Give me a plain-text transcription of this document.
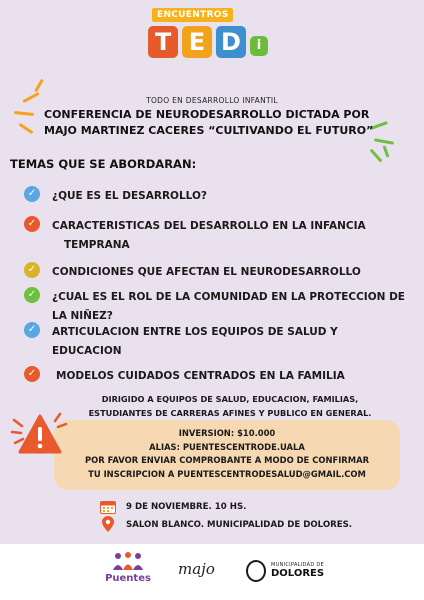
ENCUENTROS
T E D	i
TODO EN DESARROLLO INFANTIL
CONFERENCIA DE NEURODESARROLLO DICTADA POR
MAJO MARTINEZ CACERES “CULTIVANDO EL FUTURO”
TEMAS QUE SE ABORDARAN:
✓	¿QUE ES EL DESARROLLO?
✓	CARACTERISTICAS DEL DESARROLLO EN LA INFANCIA
TEMPRANA
✓	CONDICIONES QUE AFECTAN EL NEURODESARROLLO
✓	¿CUAL ES EL ROL DE LA COMUNIDAD EN LA PROTECCION DE
LA NIÑEZ?
✓	ARTICULACION ENTRE LOS EQUIPOS DE SALUD Y
EDUCACION
✓	MODELOS CUIDADOS CENTRADOS EN LA FAMILIA
DIRIGIDO A EQUIPOS DE SALUD, EDUCACION, FAMILIAS,
ESTUDIANTES DE CARRERAS AFINES Y PUBLICO EN GENERAL.
INVERSION: $10.000
ALIAS: PUENTESCENTRODE.UALA
POR FAVOR ENVIAR COMPROBANTE A MODO DE CONFIRMAR
TU INSCRIPCION A PUENTESCENTRODESALUD@GMAIL.COM
9 DE NOVIEMBRE. 10 HS.
SALON BLANCO. MUNICIPALIDAD DE DOLORES.
Puentes
majo	MUNICIPALIDAD DE
DOLORES
